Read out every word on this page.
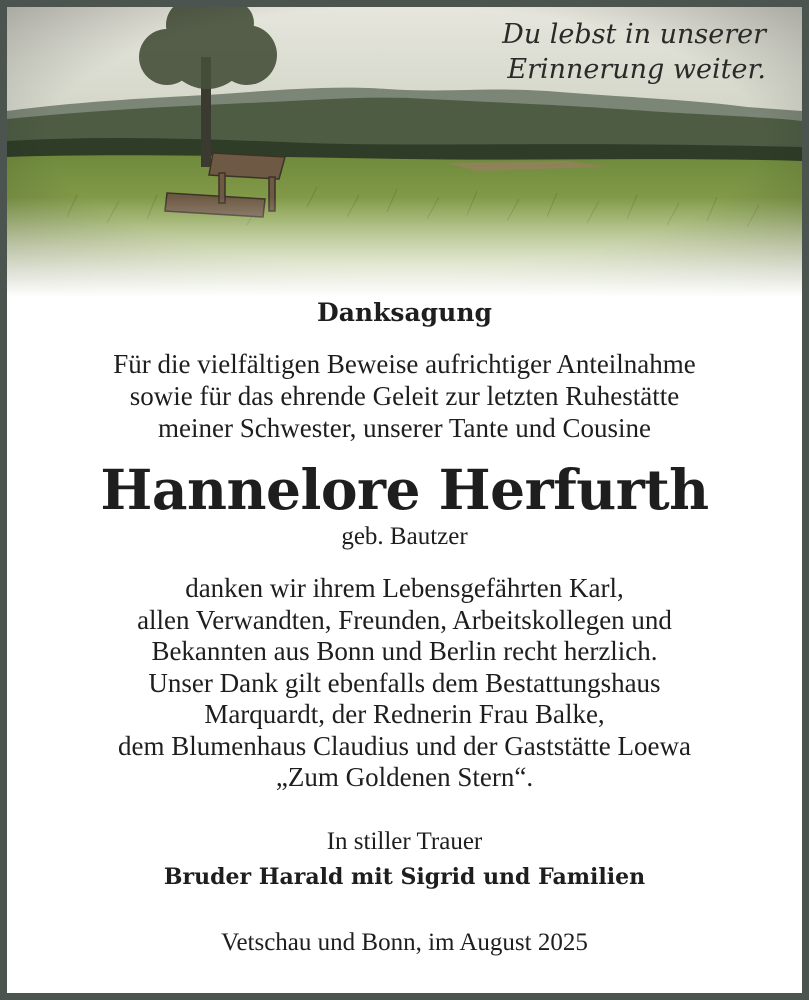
Du lebst in unserer
Erinnerung weiter.
Danksagung
Für die vielfältigen Beweise aufrichtiger Anteilnahme
sowie für das ehrende Geleit zur letzten Ruhestätte
meiner Schwester, unserer Tante und Cousine
Hannelore Herfurth
geb. Bautzer
danken wir ihrem Lebensgefährten Karl,
allen Verwandten, Freunden, Arbeitskollegen und
Bekannten aus Bonn und Berlin recht herzlich.
Unser Dank gilt ebenfalls dem Bestattungshaus
Marquardt, der Rednerin Frau Balke,
dem Blumenhaus Claudius und der Gaststätte Loewa
„Zum Goldenen Stern“.
In stiller Trauer
Bruder Harald mit Sigrid und Familien
Vetschau und Bonn, im August 2025
